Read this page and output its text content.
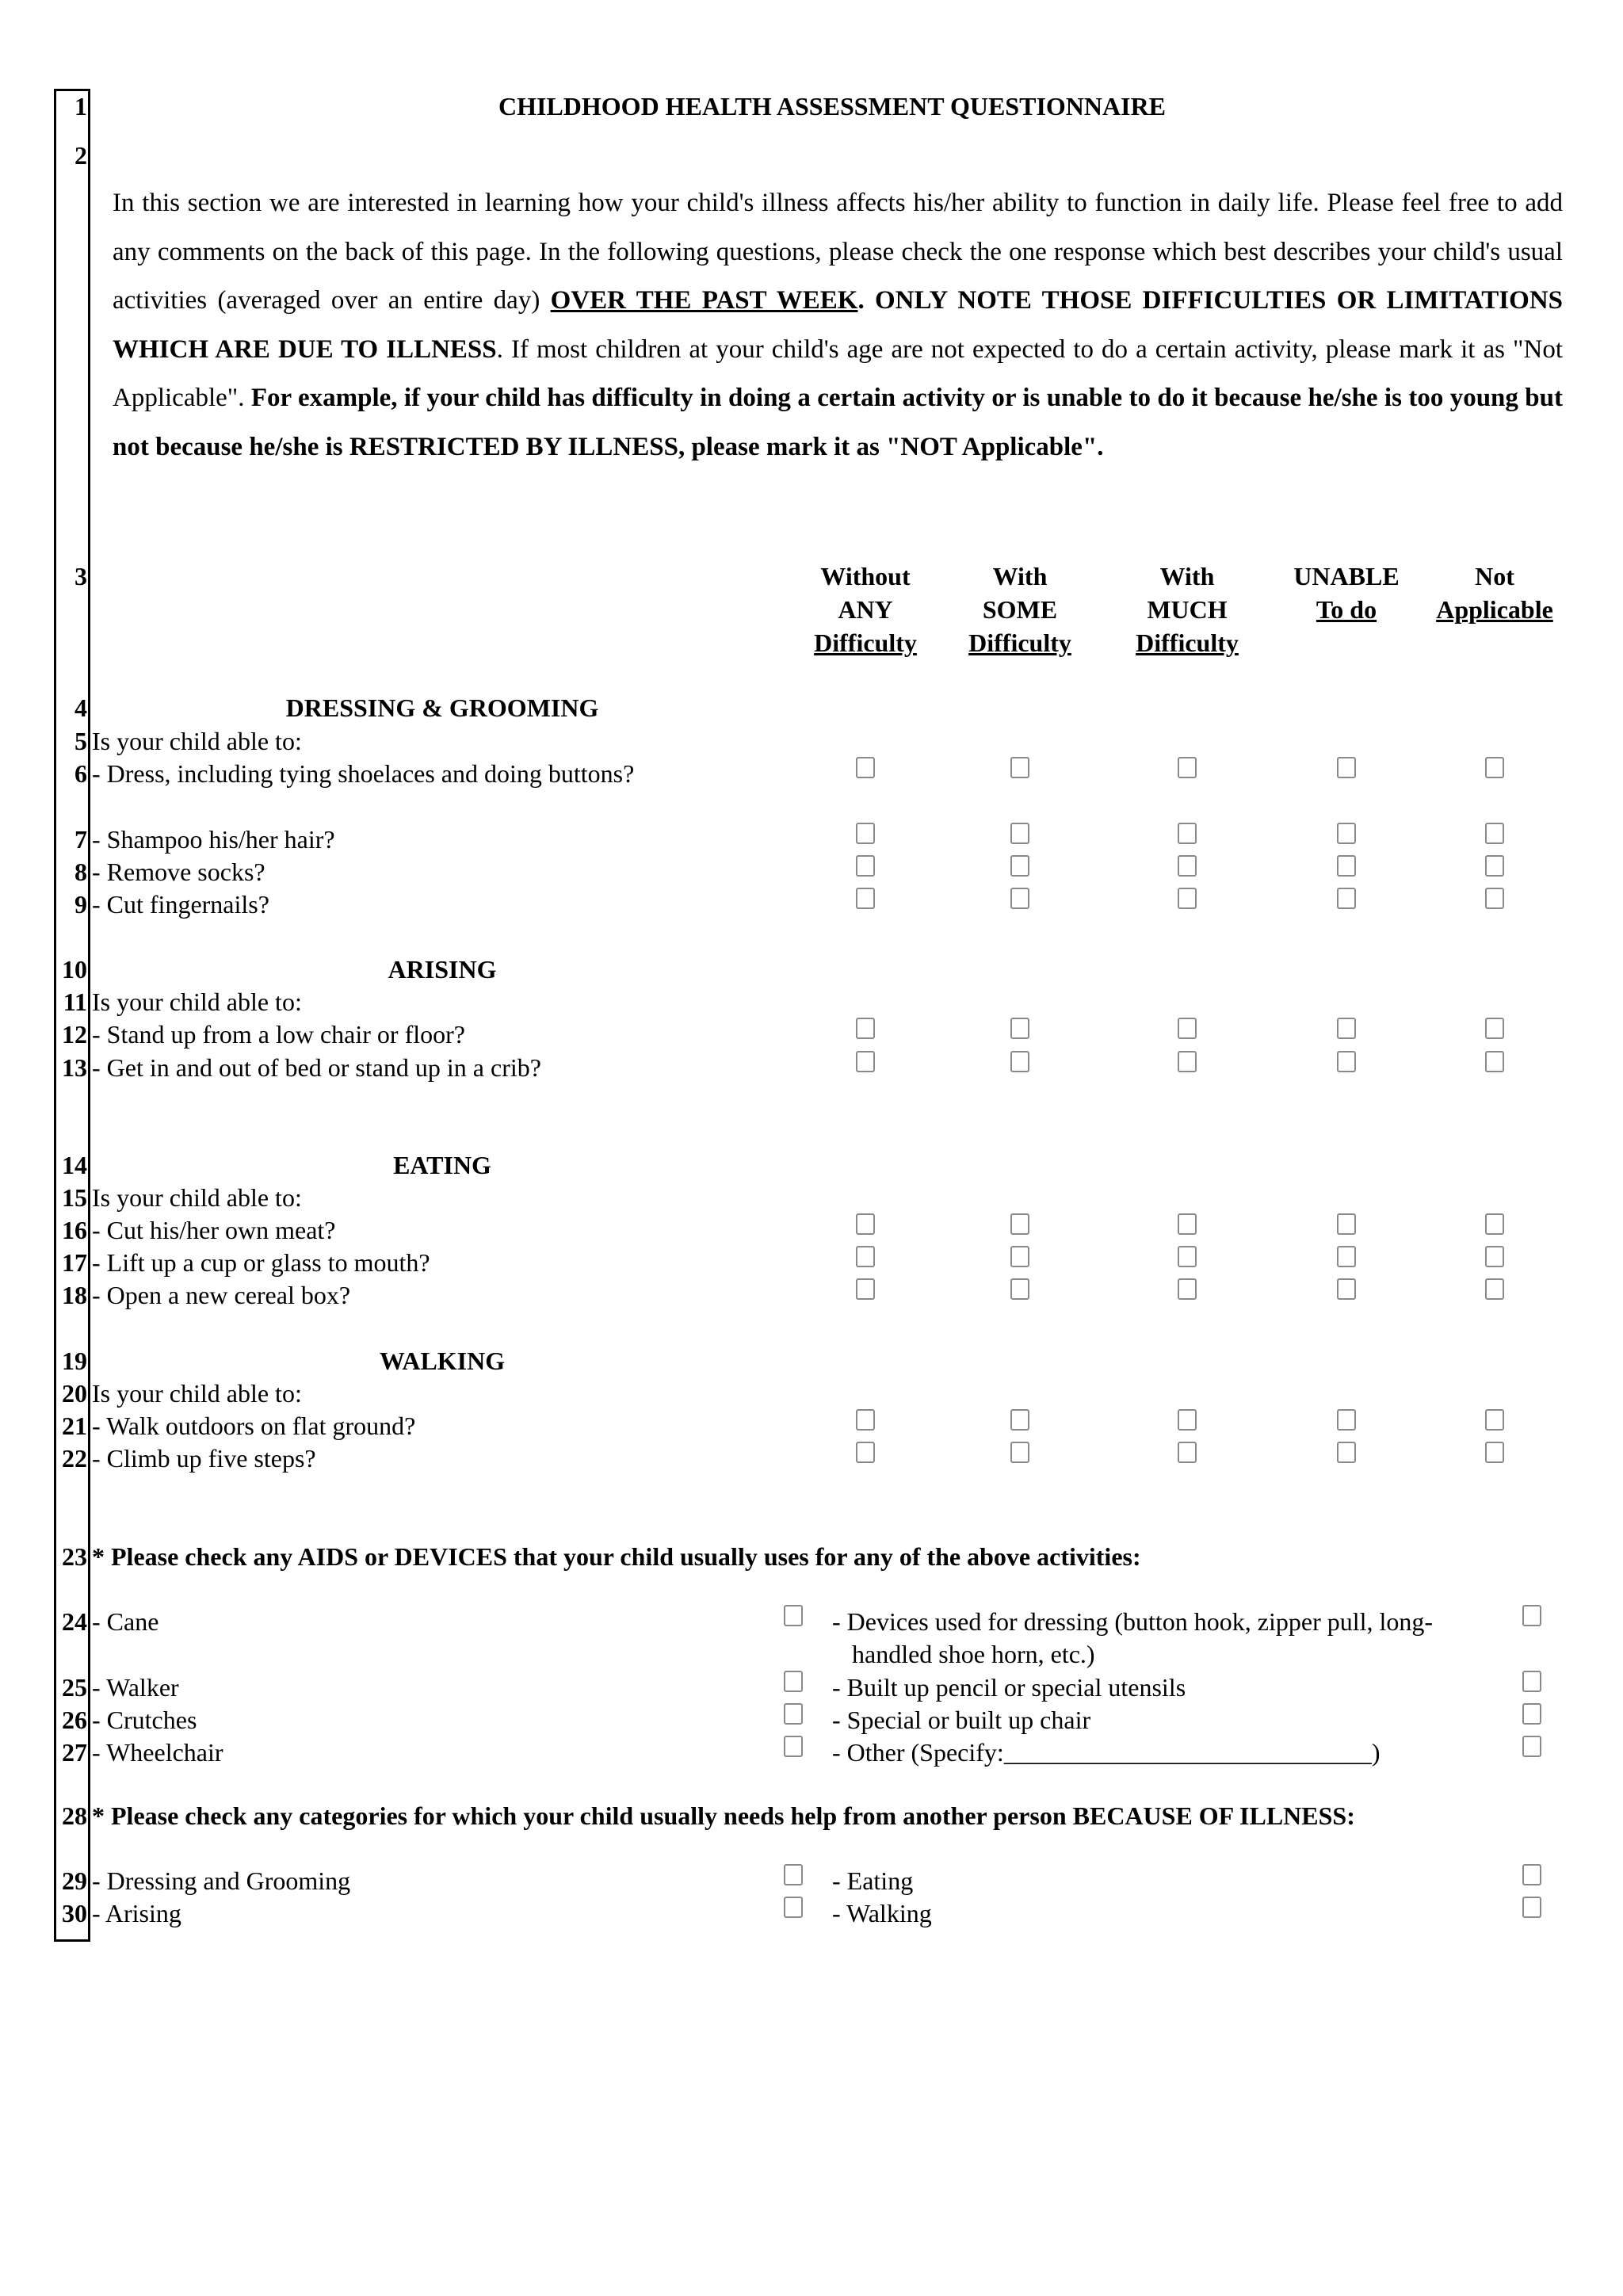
1
2
3
4
5
6
7
8
9
10
11
12
13
14
15
16
17
18
19
20
21
22
23
24
25
26
27
28
29
30
CHILDHOOD HEALTH ASSESSMENT QUESTIONNAIRE
In this section we are interested in learning how your child's illness affects his/her ability to function in daily life. Please feel free to add any comments on the back of this page. In the following questions, please check the one response which best describes your child's usual activities (averaged over an entire day) OVER THE PAST WEEK. ONLY NOTE THOSE DIFFICULTIES OR LIMITATIONS WHICH ARE DUE TO ILLNESS. If most children at your child's age are not expected to do a certain activity, please mark it as "Not Applicable". For example, if your child has difficulty in doing a certain activity or is unable to do it because he/she is too young but not because he/she is RESTRICTED BY ILLNESS, please mark it as "NOT Applicable".
Without
ANY
Difficulty
With
SOME
Difficulty
With
MUCH
Difficulty
UNABLE
To do
Not
Applicable
DRESSING & GROOMING
Is your child able to:
- Dress, including tying shoelaces and doing buttons?
- Shampoo his/her hair?
- Remove socks?
- Cut fingernails?
ARISING
Is your child able to:
- Stand up from a low chair or floor?
- Get in and out of bed or stand up in a crib?
EATING
Is your child able to:
- Cut his/her own meat?
- Lift up a cup or glass to mouth?
- Open a new cereal box?
WALKING
Is your child able to:
- Walk outdoors on flat ground?
- Climb up five steps?
* Please check any AIDS or DEVICES that your child usually uses for any of the above activities:
- Cane
- Walker
- Crutches
- Wheelchair
- Devices used for dressing (button hook, zipper pull, long-
handled shoe horn, etc.)
- Built up pencil or special utensils
- Special or built up chair
- Other (Specify:_____________________________)
* Please check any categories for which your child usually needs help from another person BECAUSE OF ILLNESS:
- Dressing and Grooming
- Arising
- Eating
- Walking
